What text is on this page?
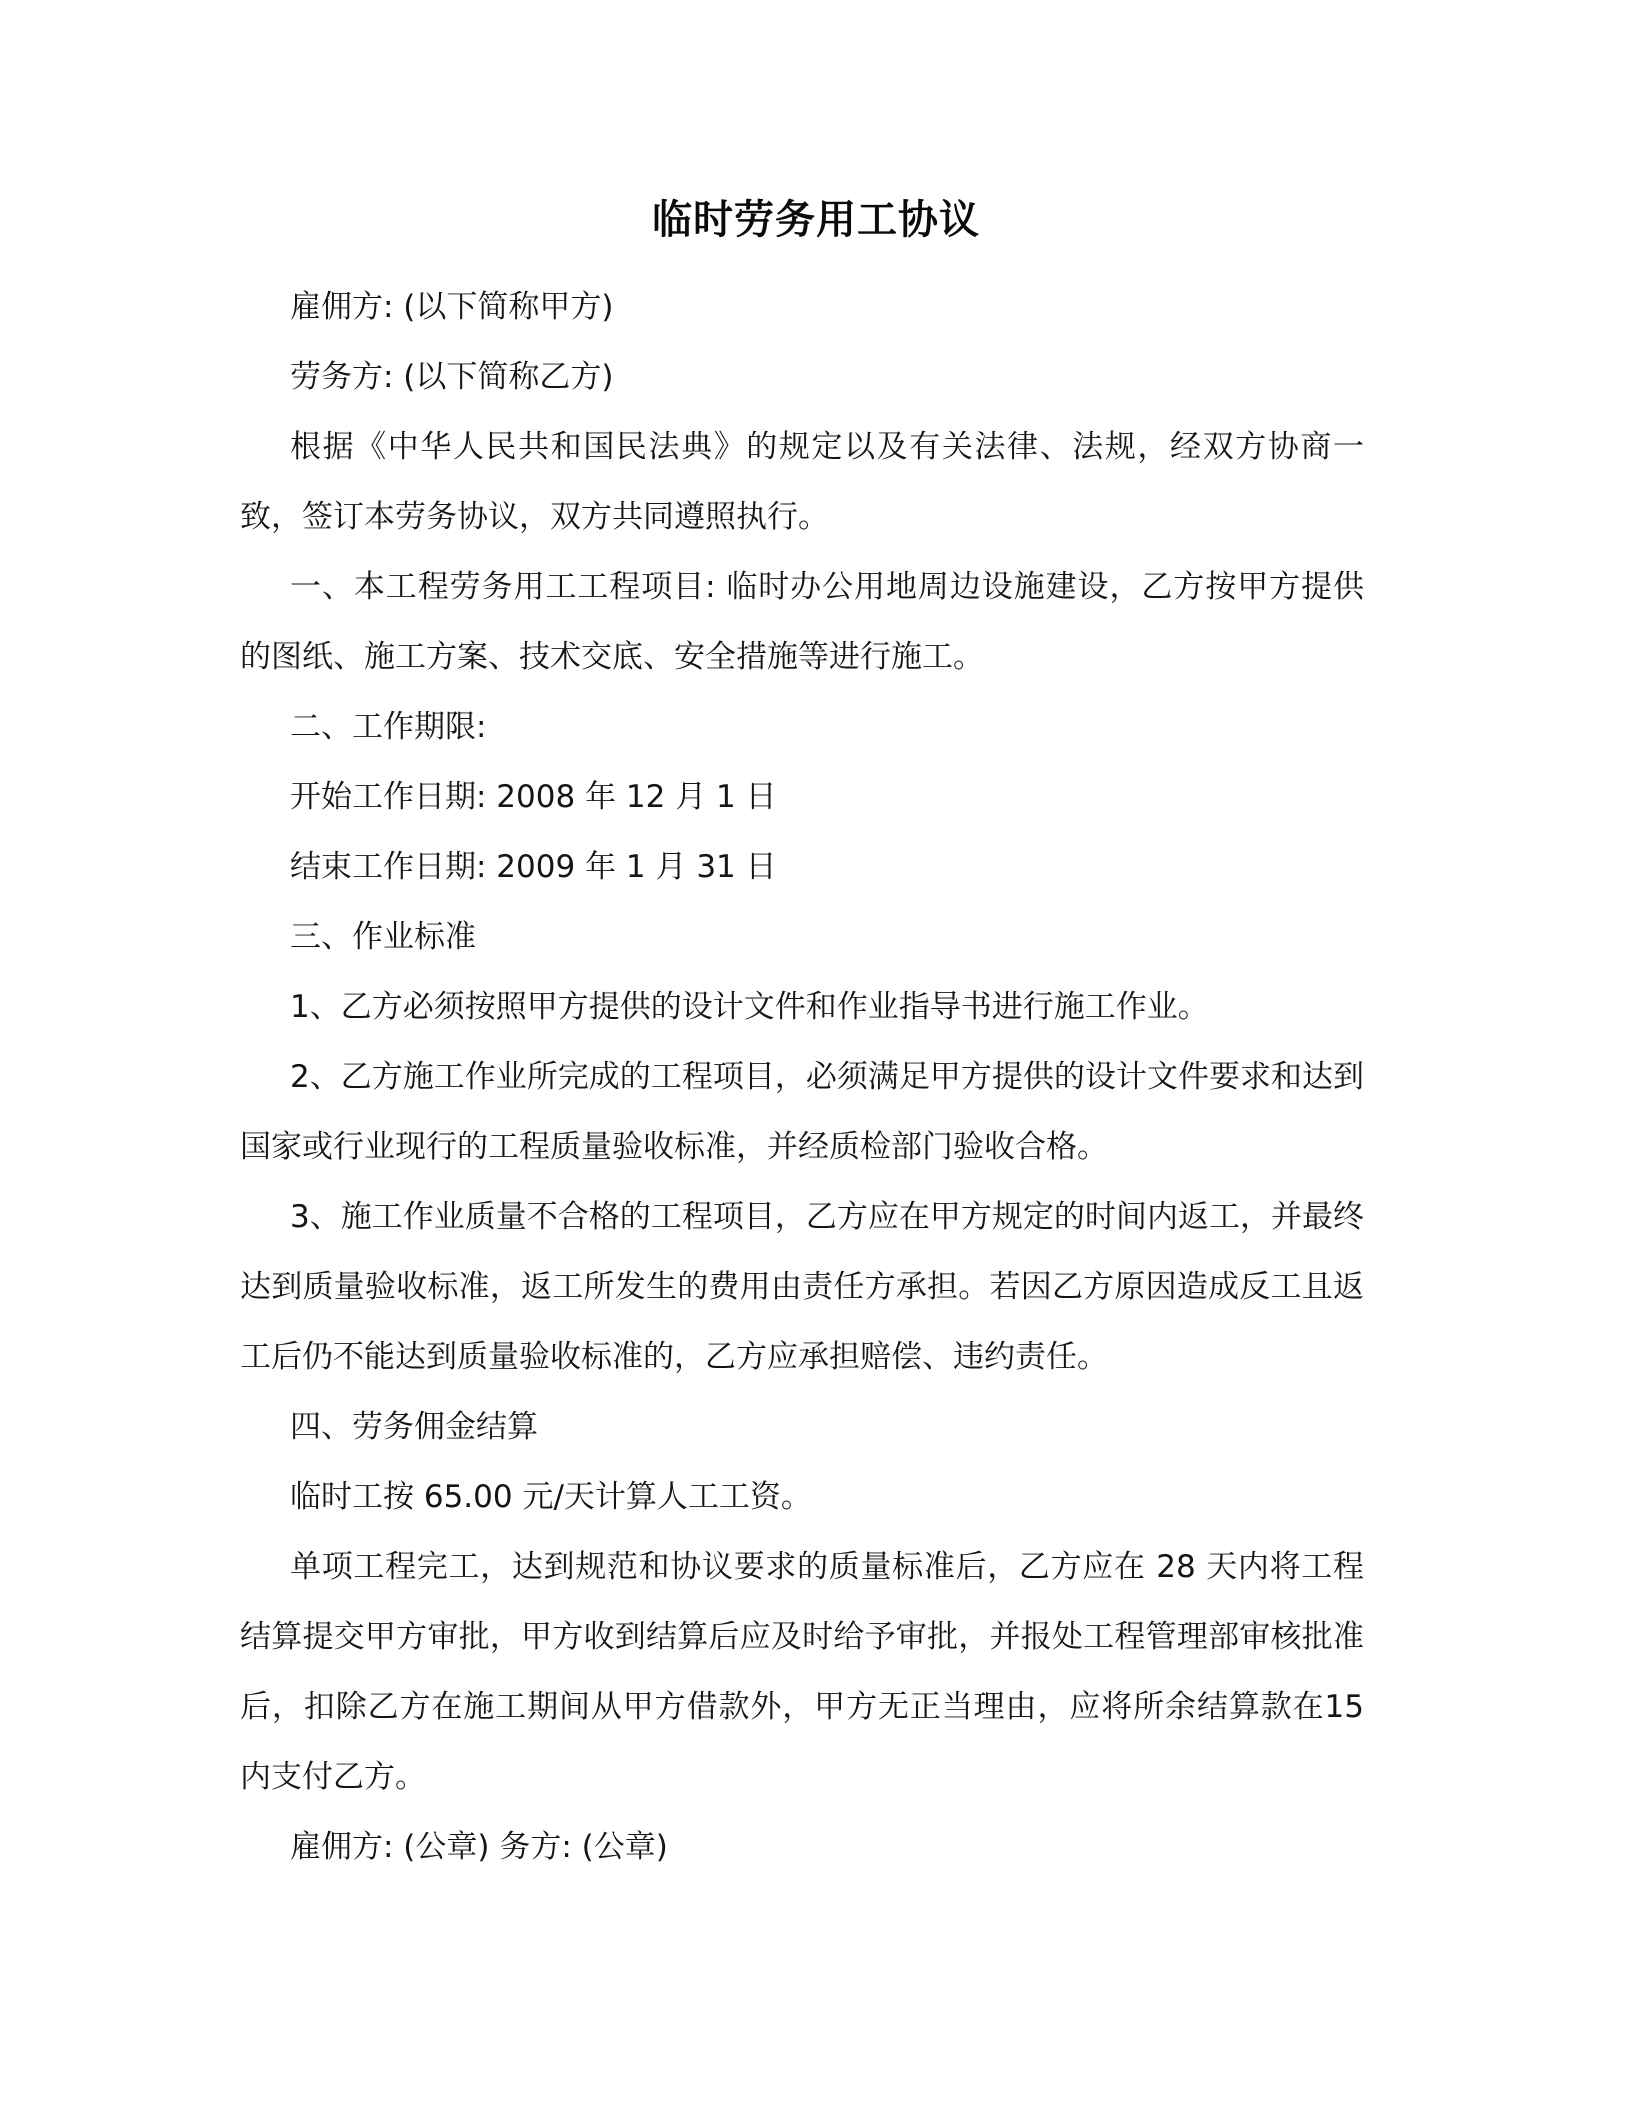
临时劳务用工协议

雇佣方: (以下简称甲方)

劳务方: (以下简称乙方)

根据《中华人民共和国民法典》的规定以及有关法律、法规，经双方协商一致，签订本劳务协议，双方共同遵照执行。

一、本工程劳务用工工程项目: 临时办公用地周边设施建设，乙方按甲方提供的图纸、施工方案、技术交底、安全措施等进行施工。

二、工作期限:

开始工作日期: 2008 年 12 月 1 日

结束工作日期: 2009 年 1 月 31 日

三、作业标准

1、乙方必须按照甲方提供的设计文件和作业指导书进行施工作业。

2、乙方施工作业所完成的工程项目，必须满足甲方提供的设计文件要求和达到国家或行业现行的工程质量验收标准，并经质检部门验收合格。

3、施工作业质量不合格的工程项目，乙方应在甲方规定的时间内返工，并最终达到质量验收标准，返工所发生的费用由责任方承担。若因乙方原因造成反工且返工后仍不能达到质量验收标准的，乙方应承担赔偿、违约责任。

四、劳务佣金结算

临时工按 65.00 元/天计算人工工资。

单项工程完工，达到规范和协议要求的质量标准后，乙方应在 28 天内将工程结算提交甲方审批，甲方收到结算后应及时给予审批，并报处工程管理部审核批准后，扣除乙方在施工期间从甲方借款外，甲方无正当理由，应将所余结算款在15 内支付乙方。

雇佣方: (公章) 务方: (公章)
